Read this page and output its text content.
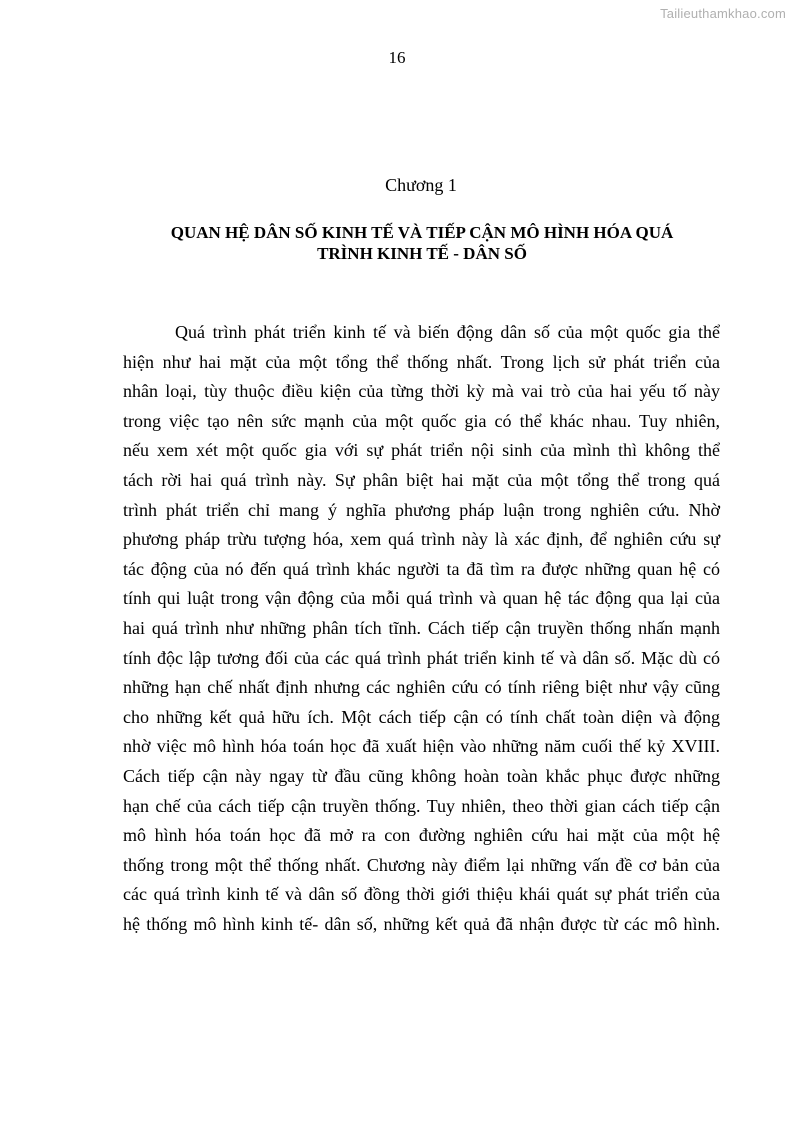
Tailieuthamkhao.com
16
Chương 1
QUAN HỆ DÂN SỐ KINH TẾ VÀ TIẾP CẬN MÔ HÌNH HÓA QUÁ
TRÌNH KINH TẾ - DÂN SỐ
Quá trình phát triển kinh tế và biến động dân số của một quốc gia thể
hiện như hai mặt của một tổng thể thống nhất. Trong lịch sử phát triển của
nhân loại, tùy thuộc điều kiện của từng thời kỳ mà vai trò của hai yếu tố này
trong việc tạo nên sức mạnh của một quốc gia có thể khác nhau. Tuy nhiên,
nếu xem xét một quốc gia với sự phát triển nội sinh của mình thì không thể
tách rời hai quá trình này. Sự phân biệt hai mặt của một tổng thể trong quá
trình phát triển chỉ mang ý nghĩa phương pháp luận trong nghiên cứu. Nhờ
phương pháp trừu tượng hóa, xem quá trình này là xác định, để nghiên cứu sự
tác động của nó đến quá trình khác người ta đã tìm ra được những quan hệ có
tính qui luật trong vận động của mỗi quá trình và quan hệ tác động qua lại của
hai quá trình như những phân tích tĩnh. Cách tiếp cận truyền thống nhấn mạnh
tính độc lập tương đối của các quá trình phát triển kinh tế và dân số. Mặc dù có
những hạn chế nhất định nhưng các nghiên cứu có tính riêng biệt như vậy cũng
cho những kết quả hữu ích. Một cách tiếp cận có tính chất toàn diện và động
nhờ việc mô hình hóa toán học đã xuất hiện vào những năm cuối thế kỷ XVIII.
Cách tiếp cận này ngay từ đầu cũng không hoàn toàn khắc phục được những
hạn chế của cách tiếp cận truyền thống. Tuy nhiên, theo thời gian cách tiếp cận
mô hình hóa toán học đã mở ra con đường nghiên cứu hai mặt của một hệ
thống trong một thể thống nhất. Chương này điểm lại những vấn đề cơ bản của
các quá trình kinh tế và dân số đồng thời giới thiệu khái quát sự phát triển của
hệ thống mô hình kinh tế- dân số, những kết quả đã nhận được từ các mô hình.
